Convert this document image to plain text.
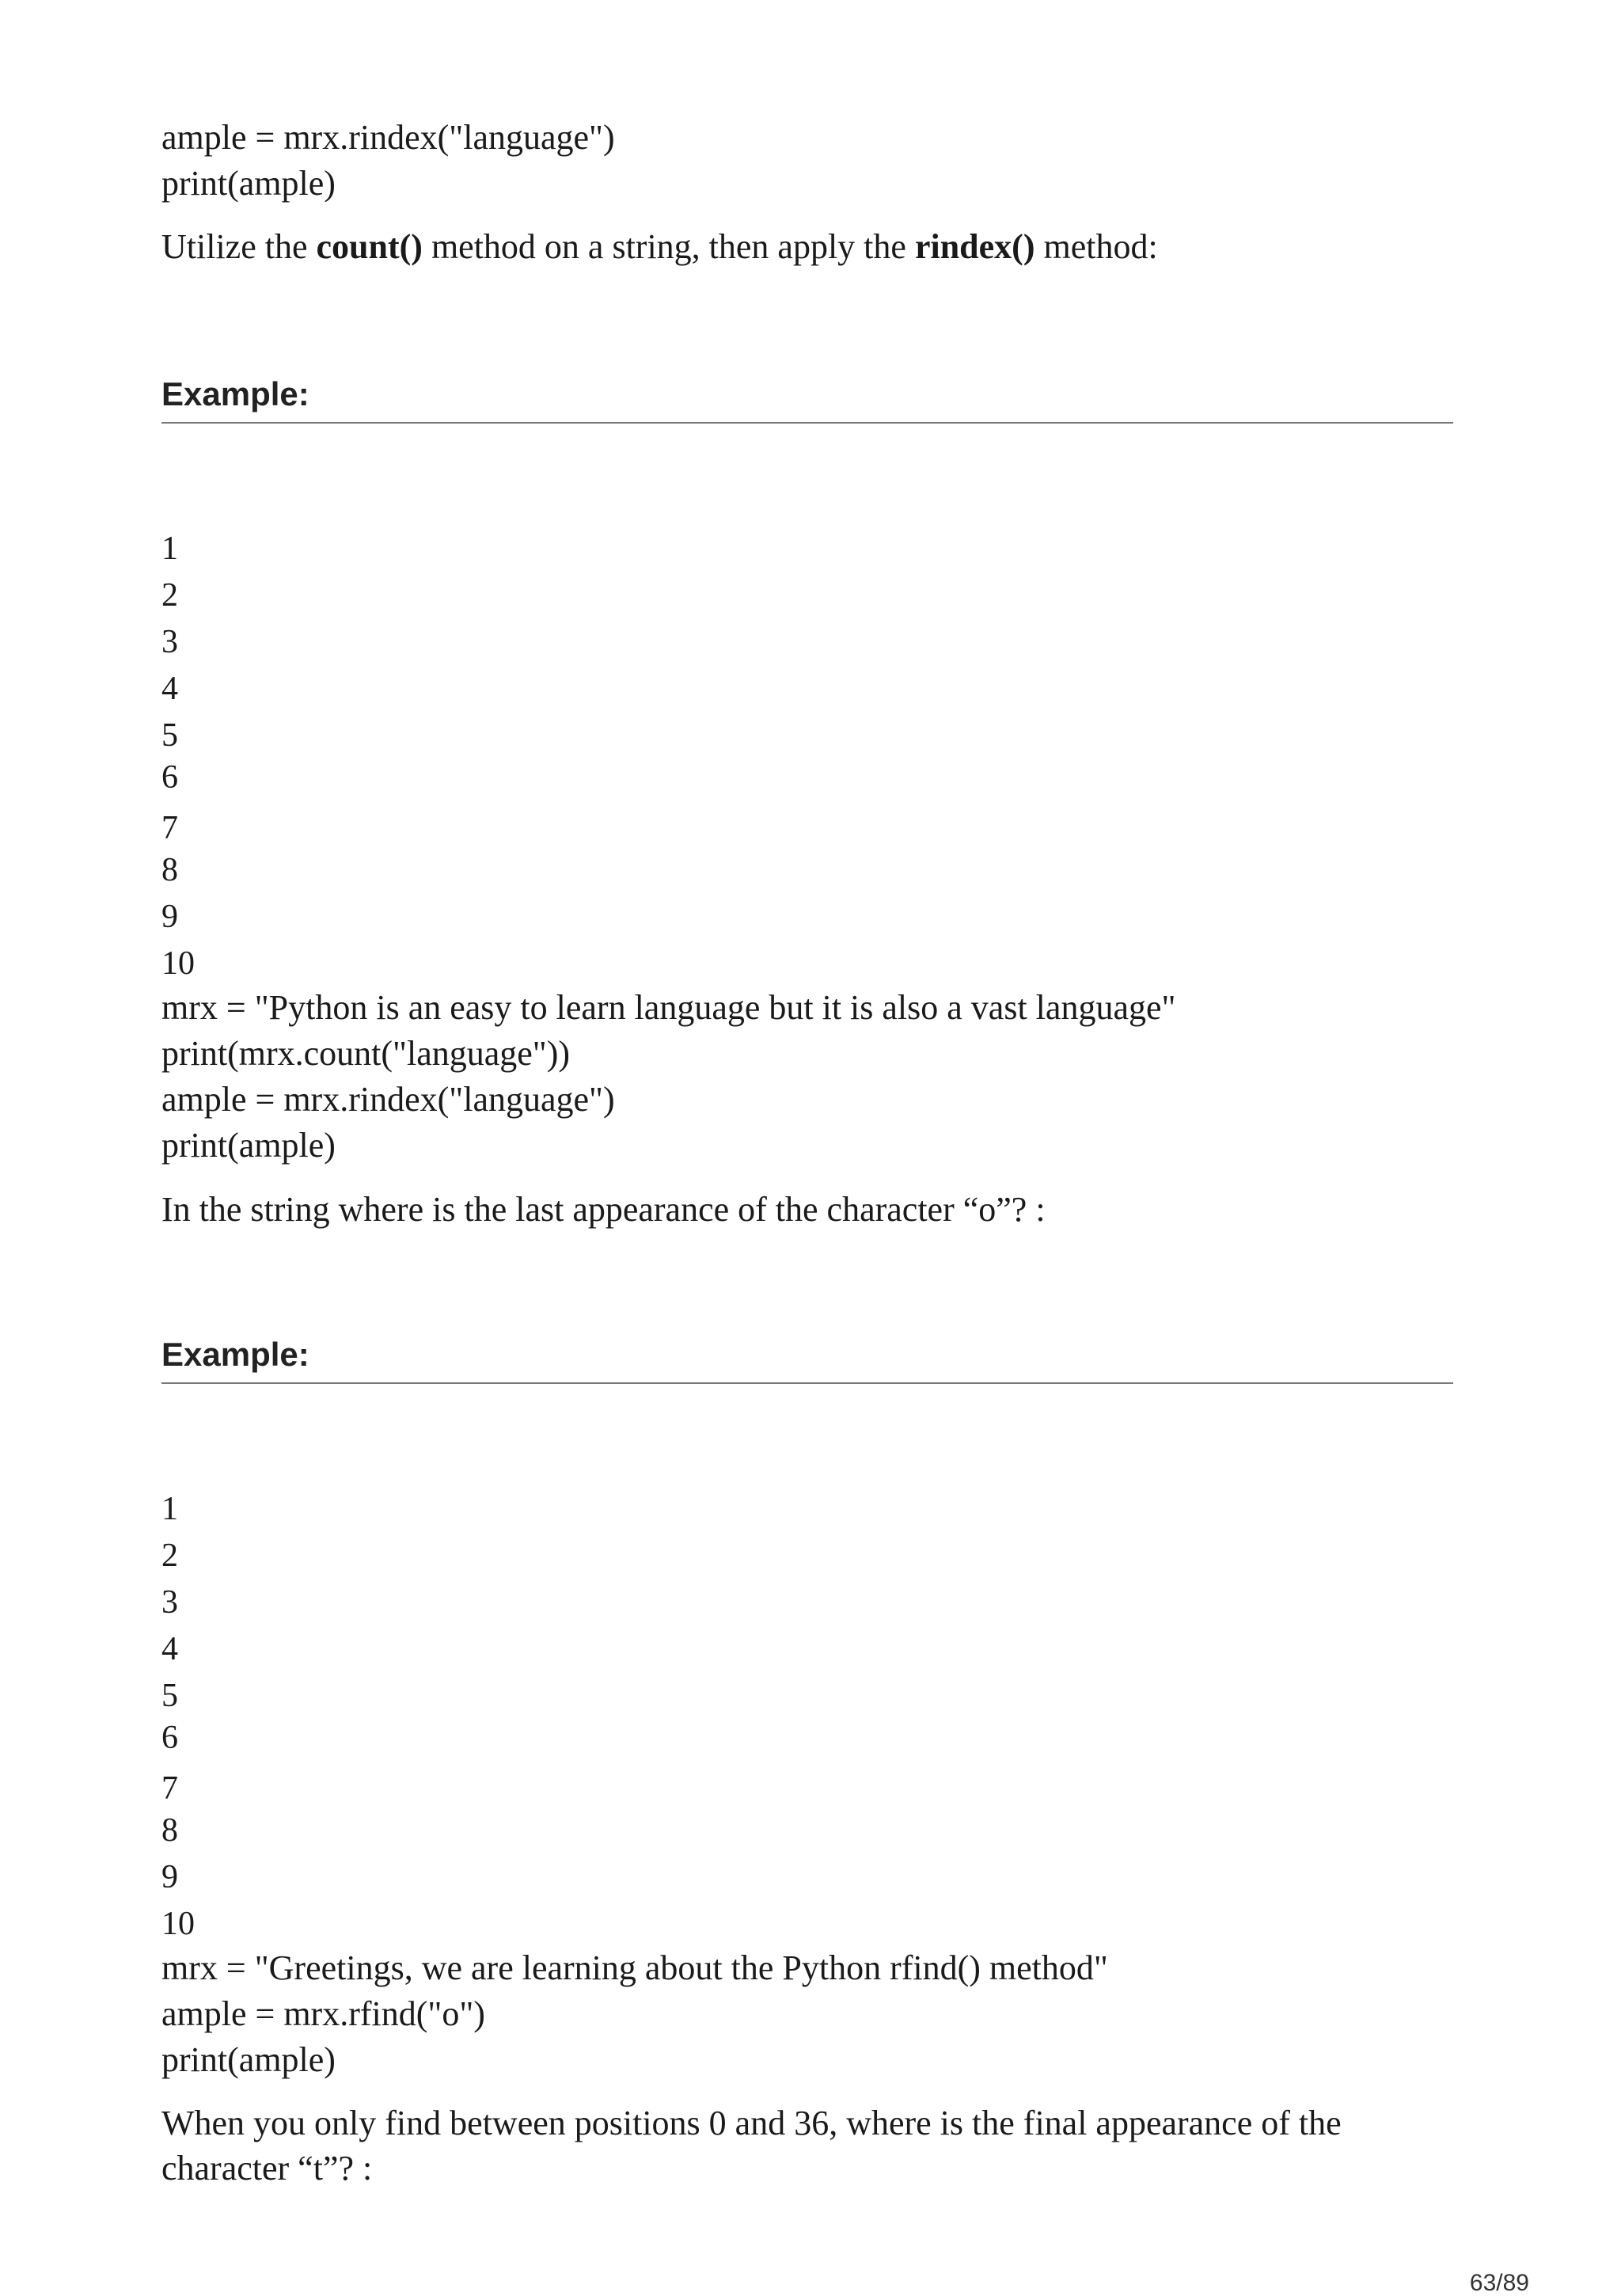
ample = mrx.rindex("language")
print(ample)
Utilize the count() method on a string, then apply the rindex() method:
Example:
1
2
3
4
5
6
7
8
9
10
mrx = "Python is an easy to learn language but it is also a vast language"
print(mrx.count("language"))
ample = mrx.rindex("language")
print(ample)
In the string where is the last appearance of the character “o”? :
Example:
1
2
3
4
5
6
7
8
9
10
mrx = "Greetings, we are learning about the Python rfind() method"
ample = mrx.rfind("o")
print(ample)
When you only find between positions 0 and 36, where is the final appearance of the
character “t”? :
63/89
